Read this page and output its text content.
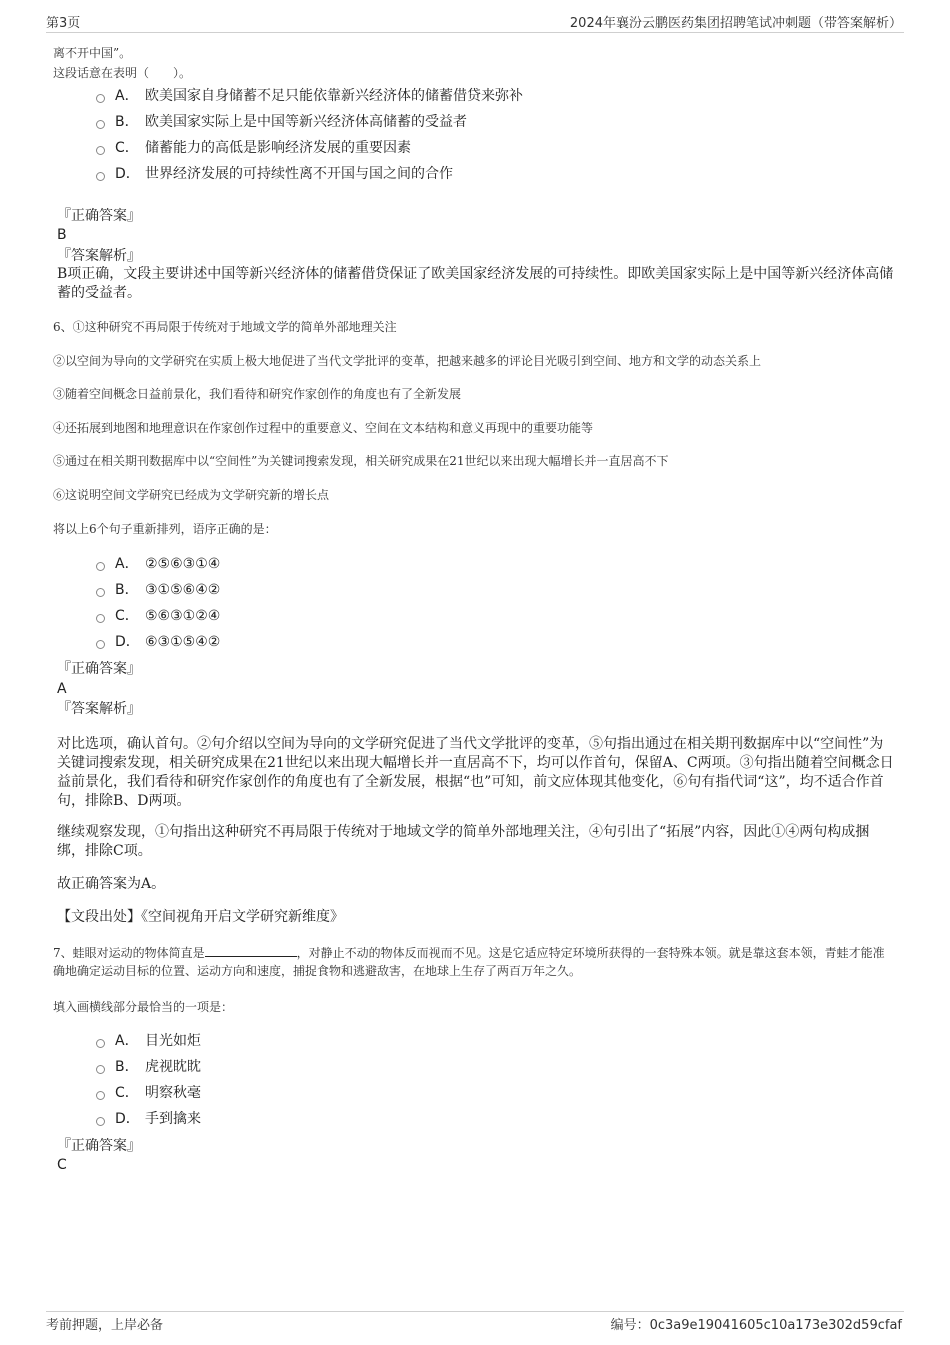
第3页	2024年襄汾云鹏医药集团招聘笔试冲刺题（带答案解析）
离不开中国”。
这段话意在表明（　　）。
A． 欧美国家自身储蓄不足只能依靠新兴经济体的储蓄借贷来弥补
B． 欧美国家实际上是中国等新兴经济体高储蓄的受益者
C． 储蓄能力的高低是影响经济发展的重要因素
D． 世界经济发展的可持续性离不开国与国之间的合作
『正确答案』
B
『答案解析』
B项正确，文段主要讲述中国等新兴经济体的储蓄借贷保证了欧美国家经济发展的可持续性。即欧美国家实际上是中国等新兴经济体高储蓄的受益者。
6、①这种研究不再局限于传统对于地域文学的简单外部地理关注
②以空间为导向的文学研究在实质上极大地促进了当代文学批评的变革，把越来越多的评论目光吸引到空间、地方和文学的动态关系上
③随着空间概念日益前景化，我们看待和研究作家创作的角度也有了全新发展
④还拓展到地图和地理意识在作家创作过程中的重要意义、空间在文本结构和意义再现中的重要功能等
⑤通过在相关期刊数据库中以“空间性”为关键词搜索发现，相关研究成果在21世纪以来出现大幅增长并一直居高不下
⑥这说明空间文学研究已经成为文学研究新的增长点
将以上6个句子重新排列，语序正确的是：
A． ②⑤⑥③①④
B． ③①⑤⑥④②
C． ⑤⑥③①②④
D． ⑥③①⑤④②
『正确答案』
A
『答案解析』
对比选项，确认首句。②句介绍以空间为导向的文学研究促进了当代文学批评的变革，⑤句指出通过在相关期刊数据库中以“空间性”为关键词搜索发现，相关研究成果在21世纪以来出现大幅增长并一直居高不下，均可以作首句，保留A、C两项。③句指出随着空间概念日益前景化，我们看待和研究作家创作的角度也有了全新发展，根据“也”可知，前文应体现其他变化，⑥句有指代词“这”，均不适合作首句，排除B、D两项。
继续观察发现，①句指出这种研究不再局限于传统对于地域文学的简单外部地理关注，④句引出了“拓展”内容，因此①④两句构成捆绑，排除C项。
故正确答案为A。
【文段出处】《空间视角开启文学研究新维度》
7、蛙眼对运动的物体简直是	，对静止不动的物体反而视而不见。这是它适应特定环境所获得的一套特殊本领。就是靠这套本领，青蛙才能准确地确定运动目标的位置、运动方向和速度，捕捉食物和逃避敌害，在地球上生存了两百万年之久。
填入画横线部分最恰当的一项是：
A． 目光如炬
B． 虎视眈眈
C． 明察秋毫
D． 手到擒来
『正确答案』
C
考前押题，上岸必备	编号：0c3a9e19041605c10a173e302d59cfaf
